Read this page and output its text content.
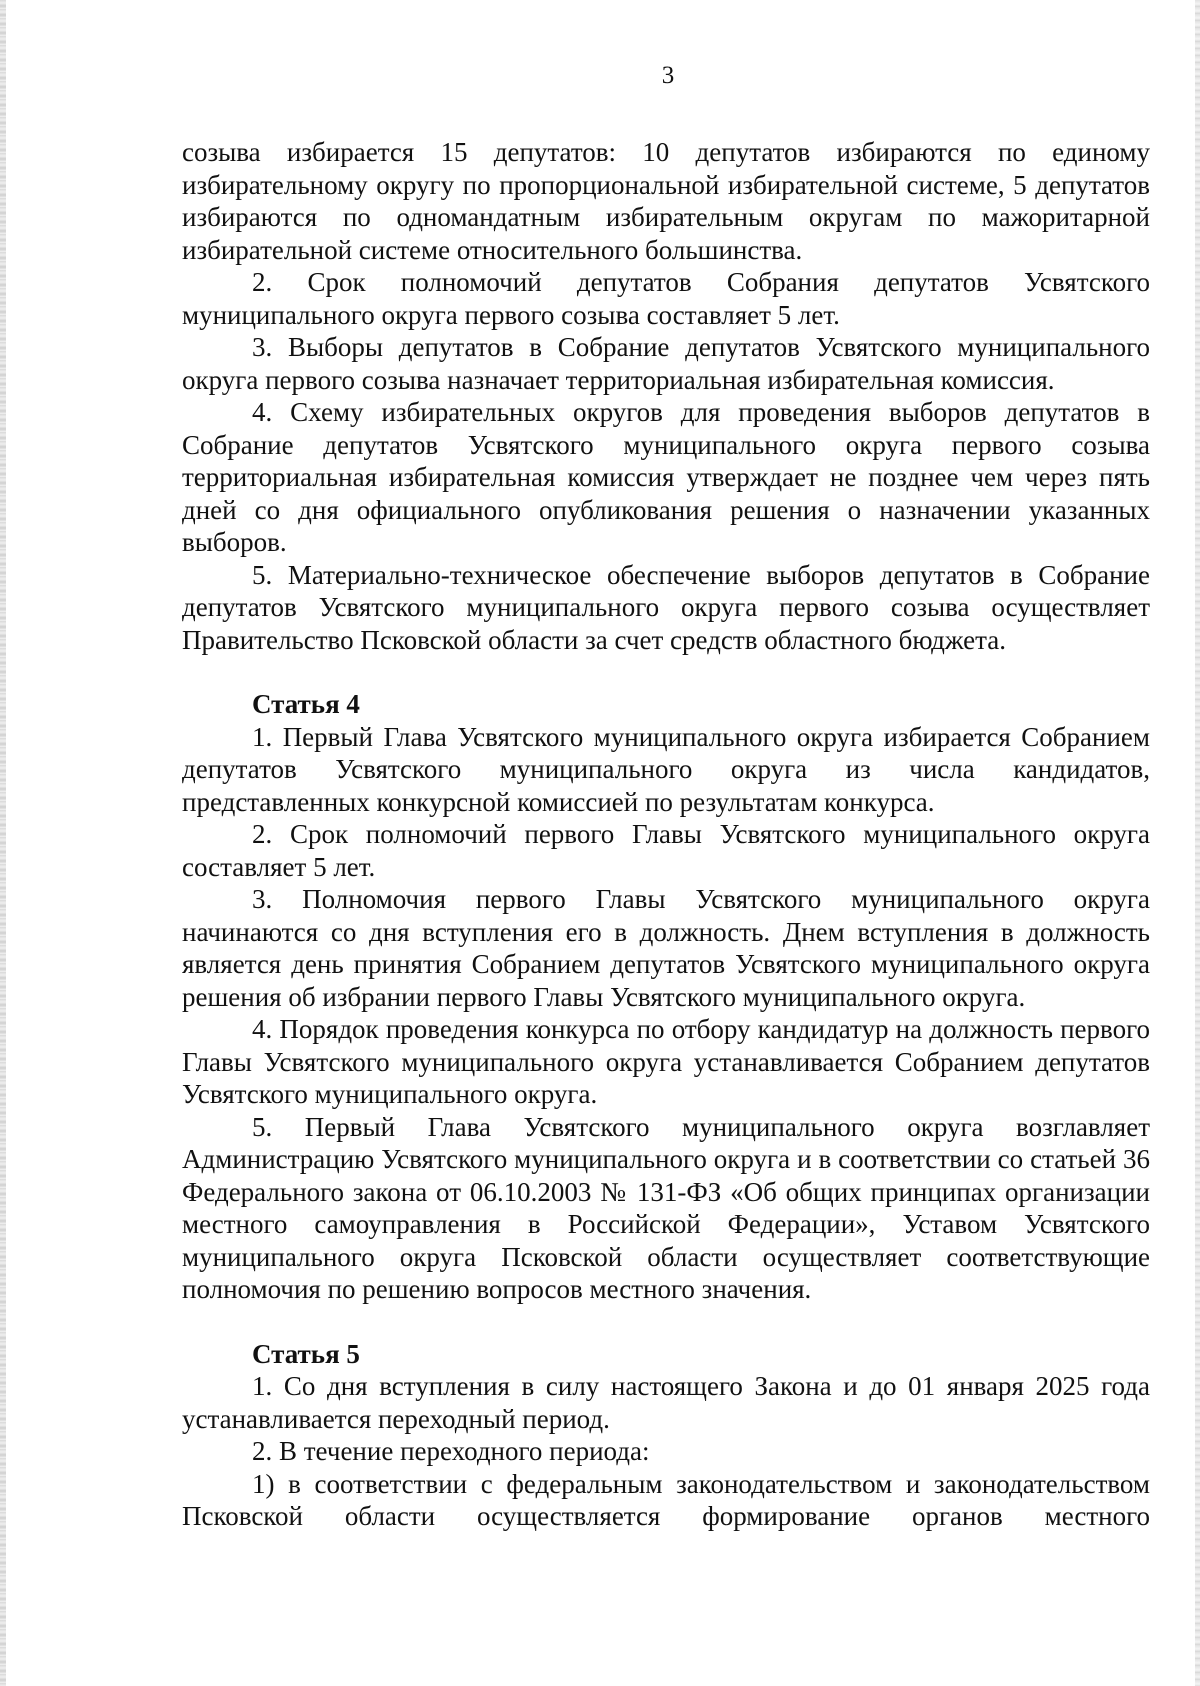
3

созыва избирается 15 депутатов: 10 депутатов избираются по единому избирательному округу по пропорциональной избирательной системе, 5 депутатов избираются по одномандатным избирательным округам по мажоритарной избирательной системе относительного большинства.

2. Срок полномочий депутатов Собрания депутатов Усвятского муниципального округа первого созыва составляет 5 лет.

3. Выборы депутатов в Собрание депутатов Усвятского муниципального округа первого созыва назначает территориальная избирательная комиссия.

4. Схему избирательных округов для проведения выборов депутатов в Собрание депутатов Усвятского муниципального округа первого созыва территориальная избирательная комиссия утверждает не позднее чем через пять дней со дня официального опубликования решения о назначении указанных выборов.

5. Материально-техническое обеспечение выборов депутатов в Собрание депутатов Усвятского муниципального округа первого созыва осуществляет Правительство Псковской области за счет средств областного бюджета.

Статья 4

1. Первый Глава Усвятского муниципального округа избирается Собранием депутатов Усвятского муниципального округа из числа кандидатов, представленных конкурсной комиссией по результатам конкурса.

2. Срок полномочий первого Главы Усвятского муниципального округа составляет 5 лет.

3. Полномочия первого Главы Усвятского муниципального округа начинаются со дня вступления его в должность. Днем вступления в должность является день принятия Собранием депутатов Усвятского муниципального округа решения об избрании первого Главы Усвятского муниципального округа.

4. Порядок проведения конкурса по отбору кандидатур на должность первого Главы Усвятского муниципального округа устанавливается Собранием депутатов Усвятского муниципального округа.

5. Первый Глава Усвятского муниципального округа возглавляет Администрацию Усвятского муниципального округа и в соответствии со статьей 36 Федерального закона от 06.10.2003 № 131-ФЗ «Об общих принципах организации местного самоуправления в Российской Федерации», Уставом Усвятского муниципального округа Псковской области осуществляет соответствующие полномочия по решению вопросов местного значения.

Статья 5

1. Со дня вступления в силу настоящего Закона и до 01 января 2025 года устанавливается переходный период.

2. В течение переходного периода:

1) в соответствии с федеральным законодательством и законодательством Псковской области осуществляется формирование органов местного
